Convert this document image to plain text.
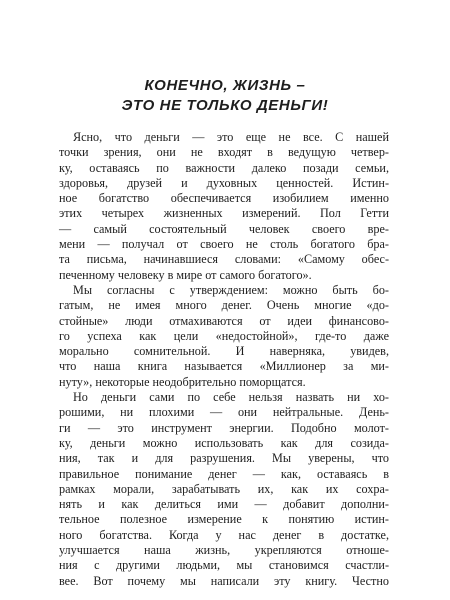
КОНЕЧНО, ЖИЗНЬ –
ЭТО НЕ ТОЛЬКО ДЕНЬГИ!
Ясно, что деньги — это еще не все. С нашей
точки зрения, они не входят в ведущую четвер-
ку, оставаясь по важности далеко позади семьи,
здоровья, друзей и духовных ценностей. Истин-
ное богатство обеспечивается изобилием именно
этих четырех жизненных измерений. Пол Гетти
— самый состоятельный человек своего вре-
мени — получал от своего не столь богатого бра-
та письма, начинавшиеся словами: «Самому обес-
печенному человеку в мире от самого богатого».
Мы согласны с утверждением: можно быть бо-
гатым, не имея много денег. Очень многие «до-
стойные» люди отмахиваются от идеи финансово-
го успеха как цели «недостойной», где-то даже
морально сомнительной. И наверняка, увидев,
что наша книга называется «Миллионер за ми-
нуту», некоторые неодобрительно поморщатся.
Но деньги сами по себе нельзя назвать ни хо-
рошими, ни плохими — они нейтральные. День-
ги — это инструмент энергии. Подобно молот-
ку, деньги можно использовать как для созида-
ния, так и для разрушения. Мы уверены, что
правильное понимание денег — как, оставаясь в
рамках морали, зарабатывать их, как их сохра-
нять и как делиться ими — добавит дополни-
тельное полезное измерение к понятию истин-
ного богатства. Когда у нас денег в достатке,
улучшается наша жизнь, укрепляются отноше-
ния с другими людьми, мы становимся счастли-
вее. Вот почему мы написали эту книгу. Честно
